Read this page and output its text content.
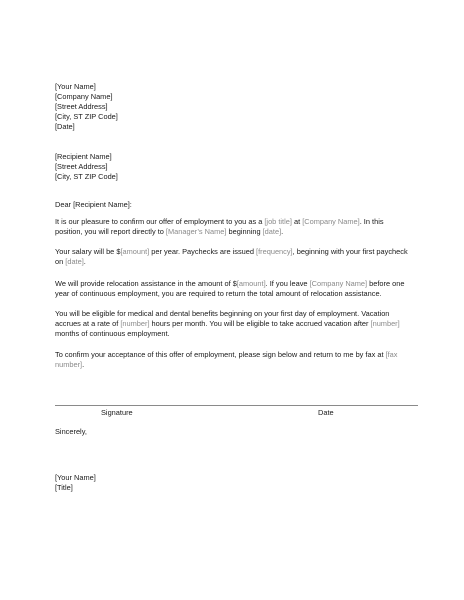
[Your Name]
[Company Name]
[Street Address]
[City, ST ZIP Code]
[Date]
[Recipient Name]
[Street Address]
[City, ST ZIP Code]
Dear [Recipient Name]:

It is our pleasure to confirm our offer of employment to you as a [job title] at [Company Name]. In this position, you will report directly to [Manager’s Name] beginning [date].

Your salary will be $[amount] per year. Paychecks are issued [frequency], beginning with your first paycheck on [date].

We will provide relocation assistance in the amount of $[amount]. If you leave [Company Name] before one year of continuous employment, you are required to return the total amount of relocation assistance.

You will be eligible for medical and dental benefits beginning on your first day of employment. Vacation accrues at a rate of [number] hours per month. You will be eligible to take accrued vacation after [number] months of continuous employment.

To confirm your acceptance of this offer of employment, please sign below and return to me by fax at [fax number].

Signature	Date
Sincerely,
[Your Name]
[Title]
